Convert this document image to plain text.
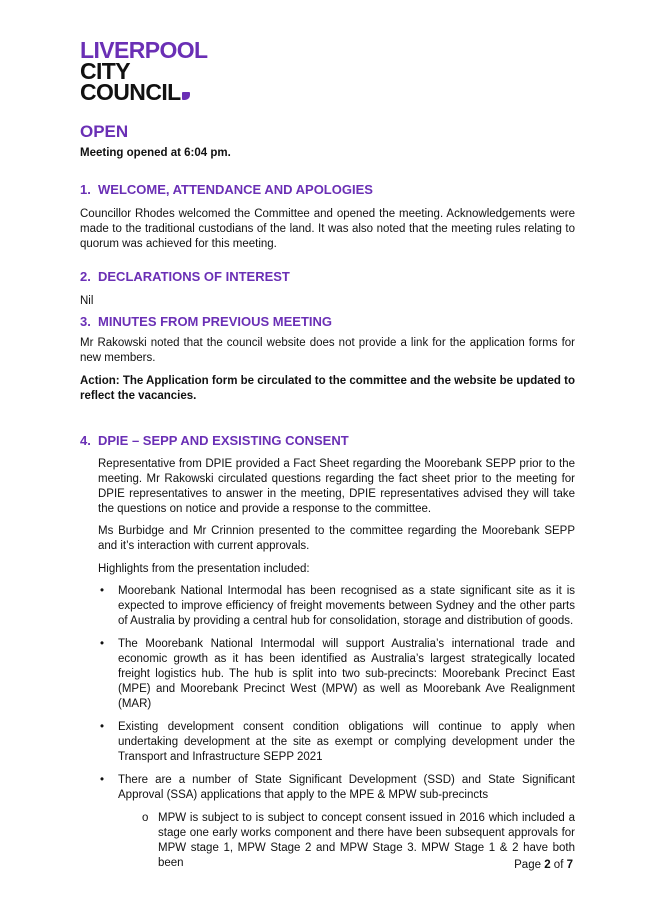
LIVERPOOL
CITY
COUNCIL
OPEN
Meeting opened at 6:04 pm.
1. WELCOME, ATTENDANCE AND APOLOGIES

Councillor Rhodes welcomed the Committee and opened the meeting. Acknowledgements were made to the traditional custodians of the land. It was also noted that the meeting rules relating to quorum was achieved for this meeting.

2. DECLARATIONS OF INTEREST

Nil

3. MINUTES FROM PREVIOUS MEETING

Mr Rakowski noted that the council website does not provide a link for the application forms for new members.

Action: The Application form be circulated to the committee and the website be updated to reflect the vacancies.

4. DPIE – SEPP AND EXSISTING CONSENT

Representative from DPIE provided a Fact Sheet regarding the Moorebank SEPP prior to the meeting. Mr Rakowski circulated questions regarding the fact sheet prior to the meeting for DPIE representatives to answer in the meeting, DPIE representatives advised they will take the questions on notice and provide a response to the committee.

Ms Burbidge and Mr Crinnion presented to the committee regarding the Moorebank SEPP and it’s interaction with current approvals.

Highlights from the presentation included:

• Moorebank National Intermodal has been recognised as a state significant site as it is expected to improve efficiency of freight movements between Sydney and the other parts of Australia by providing a central hub for consolidation, storage and distribution of goods.
• The Moorebank National Intermodal will support Australia’s international trade and economic growth as it has been identified as Australia’s largest strategically located freight logistics hub. The hub is split into two sub-precincts: Moorebank Precinct East (MPE) and Moorebank Precinct West (MPW) as well as Moorebank Ave Realignment (MAR)
• Existing development consent condition obligations will continue to apply when undertaking development at the site as exempt or complying development under the Transport and Infrastructure SEPP 2021
• There are a number of State Significant Development (SSD) and State Significant Approval (SSA) applications that apply to the MPE & MPW sub-precincts
o MPW is subject to is subject to concept consent issued in 2016 which included a stage one early works component and there have been subsequent approvals for MPW stage 1, MPW Stage 2 and MPW Stage 3. MPW Stage 1 & 2 have both been	Page 2 of 7
